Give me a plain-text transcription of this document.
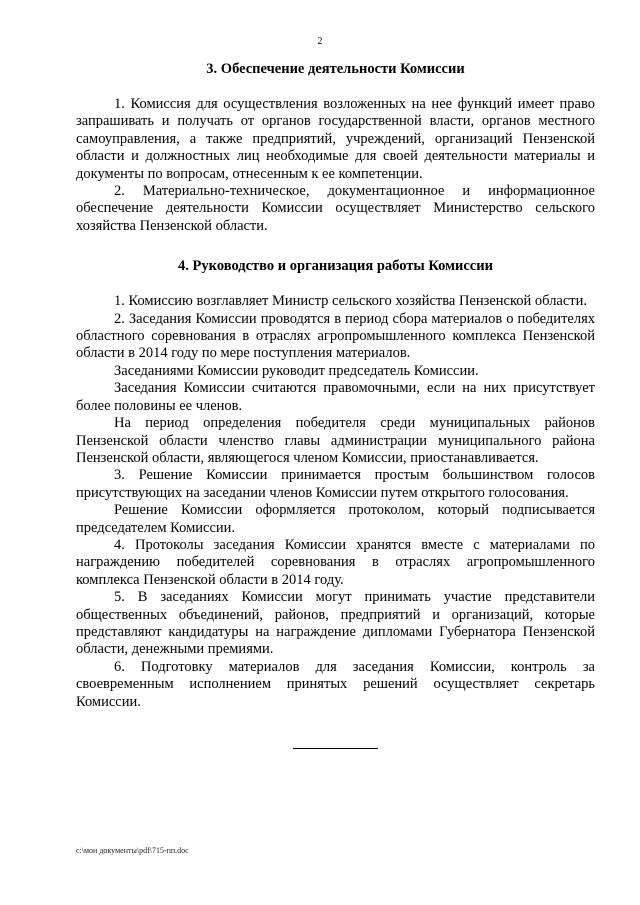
2
3. Обеспечение деятельности Комиссии

1. Комиссия для осуществления возложенных на нее функций имеет право запрашивать и получать от органов государственной власти, органов местного самоуправления, а также предприятий, учреждений, организаций Пензенской области и должностных лиц необходимые для своей деятельности материалы и документы по вопросам, отнесенным к ее компетенции.

2. Материально-техническое, документационное и информационное обеспечение деятельности Комиссии осуществляет Министерство сельского хозяйства Пензенской области.

4. Руководство и организация работы Комиссии

1. Комиссию возглавляет Министр сельского хозяйства Пензенской области.

2. Заседания Комиссии проводятся в период сбора материалов о победителях областного соревнования в отраслях агропромышленного комплекса Пензенской области в 2014 году по мере поступления материалов.

Заседаниями Комиссии руководит председатель Комиссии.

Заседания Комиссии считаются правомочными, если на них присутствует более половины ее членов.

На период определения победителя среди муниципальных районов Пензенской области членство главы администрации муниципального района Пензенской области, являющегося членом Комиссии, приостанавливается.

3. Решение Комиссии принимается простым большинством голосов присутствующих на заседании членов Комиссии путем открытого голосования.

Решение Комиссии оформляется протоколом, который подписывается председателем Комиссии.

4. Протоколы заседания Комиссии хранятся вместе с материалами по награждению победителей соревнования в отраслях агропромышленного комплекса Пензенской области в 2014 году.

5. В заседаниях Комиссии могут принимать участие представители общественных объединений, районов, предприятий и организаций, которые представляют кандидатуры на награждение дипломами Губернатора Пензенской области, денежными премиями.

6. Подготовку материалов для заседания Комиссии, контроль за своевременным исполнением принятых решений осуществляет секретарь Комиссии.

c:\мои документы\pdf\715-пп.doc
